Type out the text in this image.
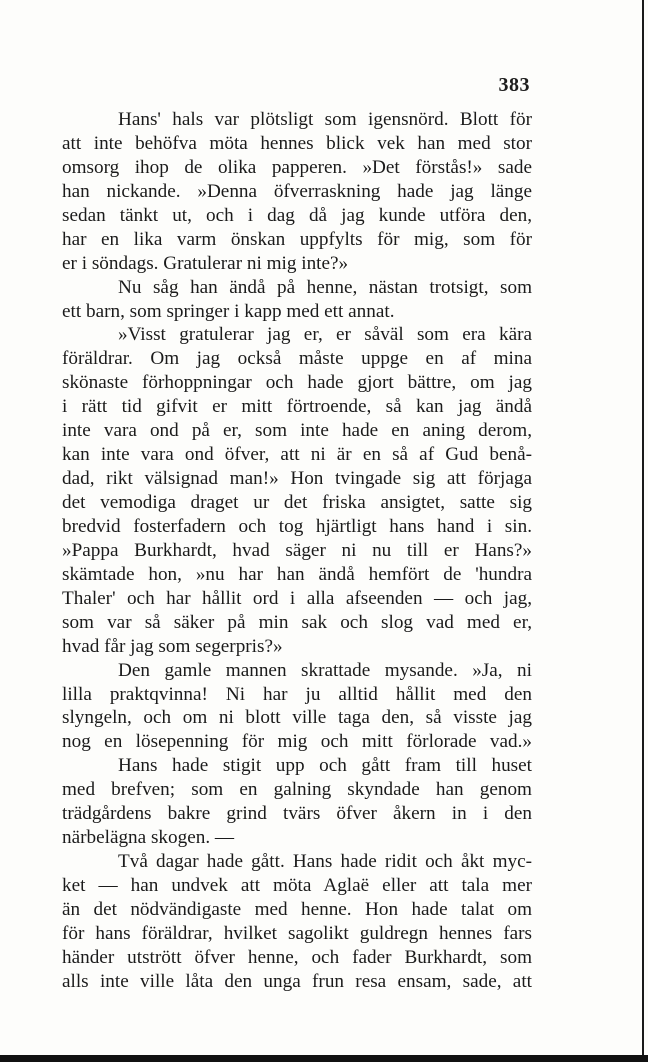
383
Hans' hals var plötsligt som igensnörd. Blott för
att inte behöfva möta hennes blick vek han med stor
omsorg ihop de olika papperen. »Det förstås!» sade
han nickande. »Denna öfverraskning hade jag länge
sedan tänkt ut, och i dag då jag kunde utföra den,
har en lika varm önskan uppfylts för mig, som för
er i söndags. Gratulerar ni mig inte?»
Nu såg han ändå på henne, nästan trotsigt, som
ett barn, som springer i kapp med ett annat.
»Visst gratulerar jag er, er såväl som era kära
föräldrar. Om jag också måste uppge en af mina
skönaste förhoppningar och hade gjort bättre, om jag
i rätt tid gifvit er mitt förtroende, så kan jag ändå
inte vara ond på er, som inte hade en aning derom,
kan inte vara ond öfver, att ni är en så af Gud benå-
dad, rikt välsignad man!» Hon tvingade sig att förjaga
det vemodiga draget ur det friska ansigtet, satte sig
bredvid fosterfadern och tog hjärtligt hans hand i sin.
»Pappa Burkhardt, hvad säger ni nu till er Hans?»
skämtade hon, »nu har han ändå hemfört de 'hundra
Thaler' och har hållit ord i alla afseenden — och jag,
som var så säker på min sak och slog vad med er,
hvad får jag som segerpris?»
Den gamle mannen skrattade mysande. »Ja, ni
lilla praktqvinna! Ni har ju alltid hållit med den
slyngeln, och om ni blott ville taga den, så visste jag
nog en lösepenning för mig och mitt förlorade vad.»
Hans hade stigit upp och gått fram till huset
med brefven; som en galning skyndade han genom
trädgårdens bakre grind tvärs öfver åkern in i den
närbelägna skogen. —
Två dagar hade gått. Hans hade ridit och åkt myc-
ket — han undvek att möta Aglaë eller att tala mer
än det nödvändigaste med henne. Hon hade talat om
för hans föräldrar, hvilket sagolikt guldregn hennes fars
händer utstrött öfver henne, och fader Burkhardt, som
alls inte ville låta den unga frun resa ensam, sade, att
